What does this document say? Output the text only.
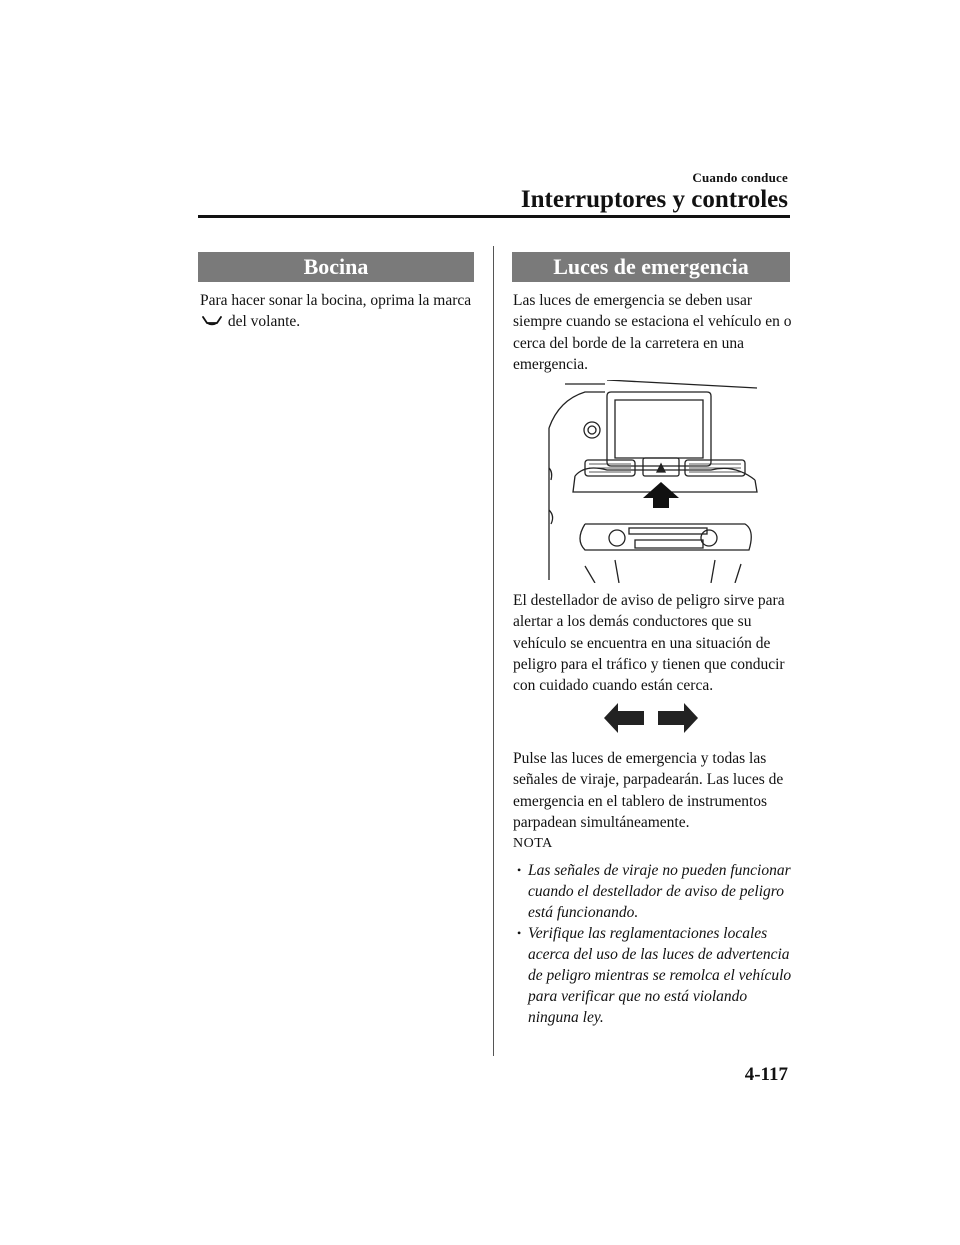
Cuando conduce
Interruptores y controles
Bocina

Para hacer sonar la bocina, oprima la marca  del volante.

Luces de emergencia

Las luces de emergencia se deben usar siempre cuando se estaciona el vehículo en o cerca del borde de la carretera en una emergencia.

El destellador de aviso de peligro sirve para alertar a los demás conductores que su vehículo se encuentra en una situación de peligro para el tráfico y tienen que conducir con cuidado cuando están cerca.

Pulse las luces de emergencia y todas las señales de viraje, parpadearán. Las luces de emergencia en el tablero de instrumentos parpadean simultáneamente.

NOTA
• Las señales de viraje no pueden funcionar cuando el destellador de aviso de peligro está funcionando.
• Verifique las reglamentaciones locales acerca del uso de las luces de advertencia de peligro mientras se remolca el vehículo para verificar que no está violando ninguna ley.
4-117
